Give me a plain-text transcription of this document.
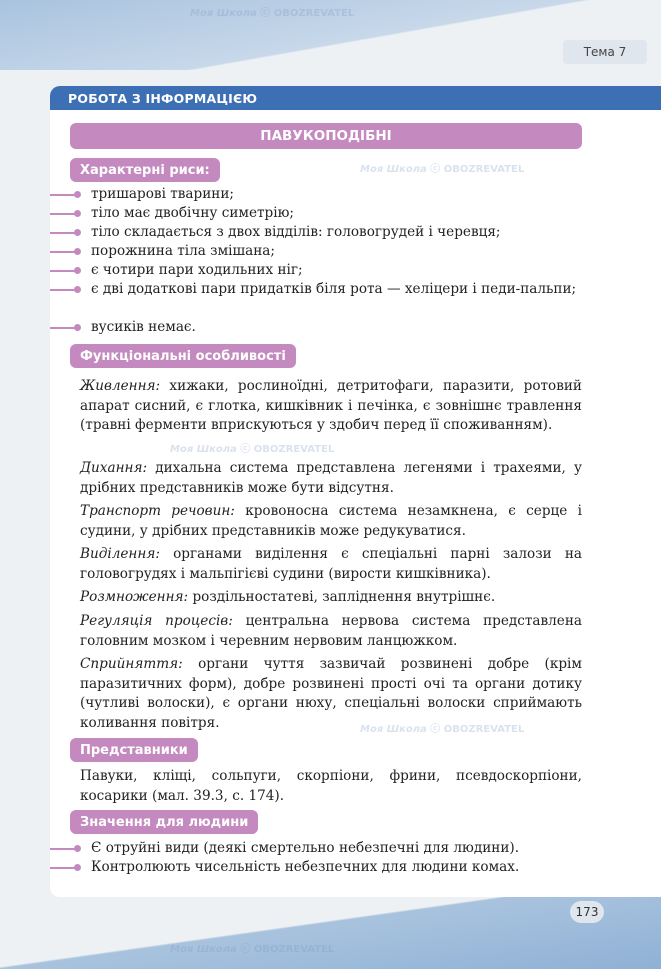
Тема 7
РОБОТА З ІНФОРМАЦІЄЮ
ПАВУКОПОДІБНІ
Характерні риси:
тришарові тварини;
тіло має двобічну симетрію;
тіло складається з двох відділів: головогрудей і черевця;
порожнина тіла змішана;
є чотири пари ходильних ніг;
є дві додаткові пари придатків біля рота — хеліцери і педи-пальпи;
вусиків немає.
Функціональні особливості

Живлення: хижаки, рослиноїдні, детритофаги, паразити, ротовий апарат сисний, є глотка, кишківник і печінка, є зовнішнє травлення (травні ферменти вприскуються у здобич перед її споживанням).

Дихання: дихальна система представлена легенями і трахеями, у дрібних представників може бути відсутня.

Транспорт речовин: кровоносна система незамкнена, є серце і судини, у дрібних представників може редукуватися.

Виділення: органами виділення є спеціальні парні залози на головогрудях і мальпігієві судини (вирости кишківника).

Розмноження: роздільностатеві, запліднення внутрішнє.

Регуляція процесів: центральна нервова система представлена головним мозком і черевним нервовим ланцюжком.

Сприйняття: органи чуття зазвичай розвинені добре (крім паразитичних форм), добре розвинені прості очі та органи дотику (чутливі волоски), є органи нюху, спеціальні волоски сприймають коливання повітря.

Представники

Павуки, кліщі, сольпуги, скорпіони, фрини, псевдоскорпіони, косарики (мал. 39.3, с. 174).

Значення для людини
Є отруйні види (деякі смертельно небезпечні для людини).
Контролюють чисельність небезпечних для людини комах.
173
Моя Школа ⓒ OBOZREVATEL
Моя Школа ⓒ OBOZREVATEL
Моя Школа ⓒ OBOZREVATEL
Моя Школа ⓒ OBOZREVATEL
Моя Школа ⓒ OBOZREVATEL
